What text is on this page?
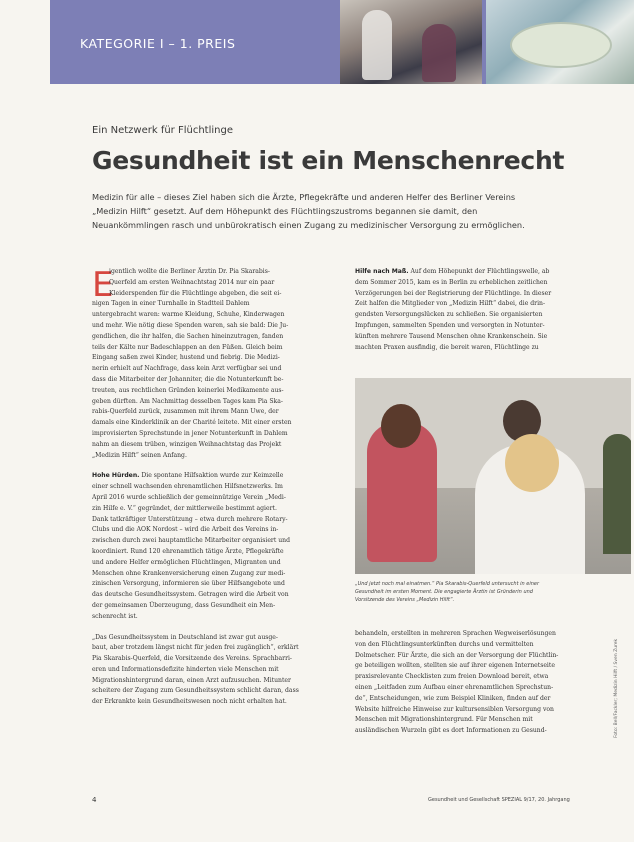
KATEGORIE I – 1. PREIS
Ein Netzwerk für Flüchtlinge
Gesundheit ist ein Menschenrecht
Medizin für alle – dieses Ziel haben sich die Ärzte, Pflegekräfte und anderen Helfer des Berliner Vereins
„Medizin Hilft“ gesetzt. Auf dem Höhepunkt des Flüchtlingszustroms begannen sie damit, den
Neuankömmlingen rasch und unbürokratisch einen Zugang zu medizinischer Versorgung zu ermöglichen.
E
igentlich wollte die Berliner Ärztin Dr. Pia Skarabis-
Querfeld am ersten Weihnachtstag 2014 nur ein paar
Kleiderspenden für die Flüchtlinge abgeben, die seit ei-
nigen Tagen in einer Turnhalle in Stadtteil Dahlem
untergebracht waren: warme Kleidung, Schuhe, Kinderwagen
und mehr. Wie nötig diese Spenden waren, sah sie bald: Die Ju-
gendlichen, die ihr halfen, die Sachen hineinzutragen, fanden
teils der Kälte nur Badeschlappen an den Füßen. Gleich beim
Eingang saßen zwei Kinder, hustend und fiebrig. Die Medizi-
nerin erhielt auf Nachfrage, dass kein Arzt verfügbar sei und
dass die Mitarbeiter der Johanniter, die die Notunterkunft be-
treuten, aus rechtlichen Gründen keinerlei Medikamente aus-
geben dürften. Am Nachmittag desselben Tages kam Pia Ska-
rabis-Querfeld zurück, zusammen mit ihrem Mann Uwe, der
damals eine Kinderklinik an der Charité leitete. Mit einer ersten
improvisierten Sprechstunde in jener Notunterkunft in Dahlem
nahm an diesem trüben, winzigen Weihnachtstag das Projekt
„Medizin Hilft“ seinen Anfang.
Hohe Hürden. Die spontane Hilfsaktion wurde zur Keimzelle
einer schnell wachsenden ehrenamtlichen Hilfsnetzwerks. Im
April 2016 wurde schließlich der gemeinnützige Verein „Medi-
zin Hilfe e. V.“ gegründet, der mittlerweile bestimmt agiert.
Dank tatkräftiger Unterstützung – etwa durch mehrere Rotary-
Clubs und die AOK Nordost – wird die Arbeit des Vereins in-
zwischen durch zwei hauptamtliche Mitarbeiter organisiert und
koordiniert. Rund 120 ehrenamtlich tätige Ärzte, Pflegekräfte
und andere Helfer ermöglichen Flüchtlingen, Migranten und
Menschen ohne Krankenversicherung einen Zugang zur medi-
zinischen Versorgung, informieren sie über Hilfsangebote und
das deutsche Gesundheitssystem. Getragen wird die Arbeit von
der gemeinsamen Überzeugung, dass Gesundheit ein Men-
schenrecht ist.
„Das Gesundheitssystem in Deutschland ist zwar gut ausge-
baut, aber trotzdem längst nicht für jeden frei zugänglich“, erklärt
Pia Skarabis-Querfeld, die Vorsitzende des Vereins. Sprachbarri-
eren und Informationsdefizite hinderten viele Menschen mit
Migrationshintergrund daran, einen Arzt aufzusuchen. Mitunter
scheitere der Zugang zum Gesundheitssystem schlicht daran, dass
der Erkrankte kein Gesundheitswesen noch nicht erhalten hat.
Hilfe nach Maß. Auf dem Höhepunkt der Flüchtlingswelle, ab
dem Sommer 2015, kam es in Berlin zu erheblichen zeitlichen
Verzögerungen bei der Registrierung der Flüchtlinge. In dieser
Zeit halfen die Mitglieder von „Medizin Hilft“ dabei, die drin-
gendsten Versorgungslücken zu schließen. Sie organisierten
Impfungen, sammelten Spenden und versorgten in Notunter-
künften mehrere Tausend Menschen ohne Krankenschein. Sie
machten Praxen ausfindig, die bereit waren, Flüchtlinge zu
„Und jetzt noch mal einatmen.“ Pia Skarabis-Querfeld untersucht in einer
Gesundheit im ersten Moment. Die engagierte Ärztin ist Gründerin und
Vorsitzende des Vereins „Medizin Hilft“.
behandeln, erstellten in mehreren Sprachen Wegweiserlösungen
von den Flüchtlingsunterkünften durchs und vermittelten
Dolmetscher. Für Ärzte, die sich an der Versorgung der Flüchtlin-
ge beteiligen wollten, stellten sie auf ihrer eigenen Internetseite
praxisrelevante Checklisten zum freien Download bereit, etwa
einen „Leitfaden zum Aufbau einer ehrenamtlichen Sprechstun-
de“, Entscheidungen, wie zum Beispiel Kliniken, finden auf der
Website hilfreiche Hinweise zur kultursensiblen Versorgung von
Menschen mit Migrationshintergrund. Für Menschen mit
ausländischen Wurzeln gibt es dort Informationen zu Gesund-	Foto: Bell/Fackler; Medizin Hilft / Sven Zurek
4	Gesundheit und Gesellschaft SPEZIAL 9/17, 20. Jahrgang
